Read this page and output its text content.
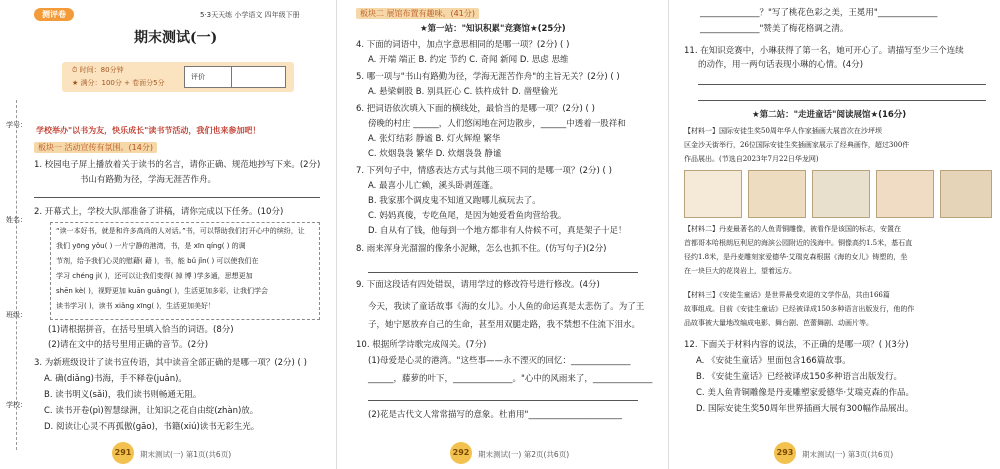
测评卷	5·3天天练 小学语文 四年级下册
期末测试(一)
⏱ 时间：80分钟
★ 满分：100分 + 卷面分5分
评价
学号：
姓名：
班级：
学校：
学校举办"以书为友，快乐成长"读书节活动，我们也来参加吧！
板块一 活动宣传有氛围。(14分)
1. 校园电子屏上播放着关于读书的名言，请你正确、规范地抄写下来。(2分)
书山有路勤为径，学海无涯苦作舟。
2. 开幕式上，学校大队部准备了讲稿，请你完成以下任务。(10分)
“读一本好书，就是和许多高尚的人对话。”书，可以帮助我们打开心中的缤纷，让
我们 yōng yǒu( ) 一片宁静的港湾，书，是 xīn qíng( ) 的调
节剂，给予我们心灵的慰藉( 藉 )，书，能 bǔ jǐn( ) 可以使我们在
学习 chéng jì( )，还可以让我们变得( 掉 博 )学多通，思想更加
shēn kè( )，视野更加 kuān guǎng( )，生活更加多彩，让我们学会
读书学习( )，读书 xiǎng xīng( )，生活更加美好！
(1)请根据拼音，在括号里填入恰当的词语。(8分)
(2)请在文中的括号里用正确的音节。(2分)
3. 为新班级设计了读书宣传语，其中读音全部正确的是哪一项？(2分) ( )
A. 确(diǎng)书海，手不释卷(juǎn)。
B. 读书明义(sǎi)，我们读书则畅通无阻。
C. 读书开卷(pì)智慧绿洲，让知识之花自由绽(zhàn)放。
D. 阅读让心灵不再孤傲(gāo)，书籍(xiú)读书无彩生光。
291	期末测试(一) 第1页(共6页)
板块二 展馆布置有趣味。(41分)
★第一站："知识积累"竞赛馆★(25分)
4. 下面的词语中，加点字意思相同的是哪一项？(2分) ( )
A. 开端 端正 B. 约定 节约 C. 奇闻 新闻 D. 思虑 思维
5. 哪一项与"书山有路勤为径，学海无涯苦作舟"的主旨无关？(2分) ( )
A. 悬梁刺股 B. 别具匠心 C. 铁杵成针 D. 凿壁偷光
6. 把词语依次填入下面的横线处，最恰当的是哪一项？(2分) ( )
傍晚的村庄 ______，人们悠闲地在河边散步，______中透着一股祥和
A. 张灯结彩 静谧 B. 灯火辉煌 繁华
C. 炊烟袅袅 繁华 D. 炊烟袅袅 静谧
7. 下列句子中，情感表达方式与其他三项不同的是哪一项？(2分) ( )
A. 最喜小儿亡赖，溪头卧剥莲蓬。
B. 我家那个调皮鬼不知道又跑哪儿疯玩去了。
C. 妈妈真傻，专吃鱼尾，是因为她爱看鱼肉营给我。
D. 自从有了钱，他每到一个地方都非有人侍候不可，真是架子十足！
8. 雨来浑身光溜溜的像条小泥鳅，怎么也抓不住。(仿写句子)(2分)
9. 下面这段话有四处错误，请用学过的修改符号进行修改。(4分)
今天，我读了童话故事《海的女儿》。小人鱼的命运真是太悲伤了。为了王
子，她宁愿放弃自己的生命，甚至用双腿走路，我不禁想不住流下泪水。
10. 根据所学诗歌完成闯关。(7分)
(1)母爱是心灵的港湾。"这些事——永不湮灭的回忆：______________
______，藤萝的叶下，______________。"心中的风雨来了，______________
(2)花是古代文人常常描写的意象。杜甫用"______________________
292	期末测试(一) 第2页(共6页)
______________？"写了桃花色彩之美，王冕用"______________
______________"赞美了梅花格调之清。
11. 在知识竞赛中，小琳获得了第一名，她可开心了。请描写至少三个连续
的动作，用一两句话表现小琳的心情。(4分)
★第二站："走进童话"阅读展馆★(16分)
【材料一】国际安徒生奖50周年华人作家插画大展首次在沙坪坝
区金沙天街举行，26位国际安徒生奖插画家展示了经典画作，超过300件
作品展出。(节选自2023年7月22日华龙网)
【材料二】丹麦最著名的人鱼青铜雕像，被看作是该国的标志，安置在
首都哥本哈根朗厄利尼的海滨公园附近的浅海中。铜像高约1.5米，基石直
径约1.8米，是丹麦雕刻家爱德华·艾瑞克森根据《海的女儿》铸塑的，坐
在一块巨大的花岗岩上，望着远方。
【材料三】《安徒生童话》是世界最受欢迎的文学作品，共由166篇
故事组成。目前《安徒生童话》已经被译成150多种语言出版发行，他的作
品故事被大量地改编成电影、舞台剧、芭蕾舞剧、动画片等。
12. 下面关于材料内容的说法，不正确的是哪一项？( )(3分)
A. 《安徒生童话》里面包含166篇故事。
B. 《安徒生童话》已经被译成150多种语言出版发行。
C. 美人鱼青铜雕像是丹麦雕塑家爱德华·艾瑞克森的作品。
D. 国际安徒生奖50周年世界插画大展有300幅作品展出。
293	期末测试(一) 第3页(共6页)
